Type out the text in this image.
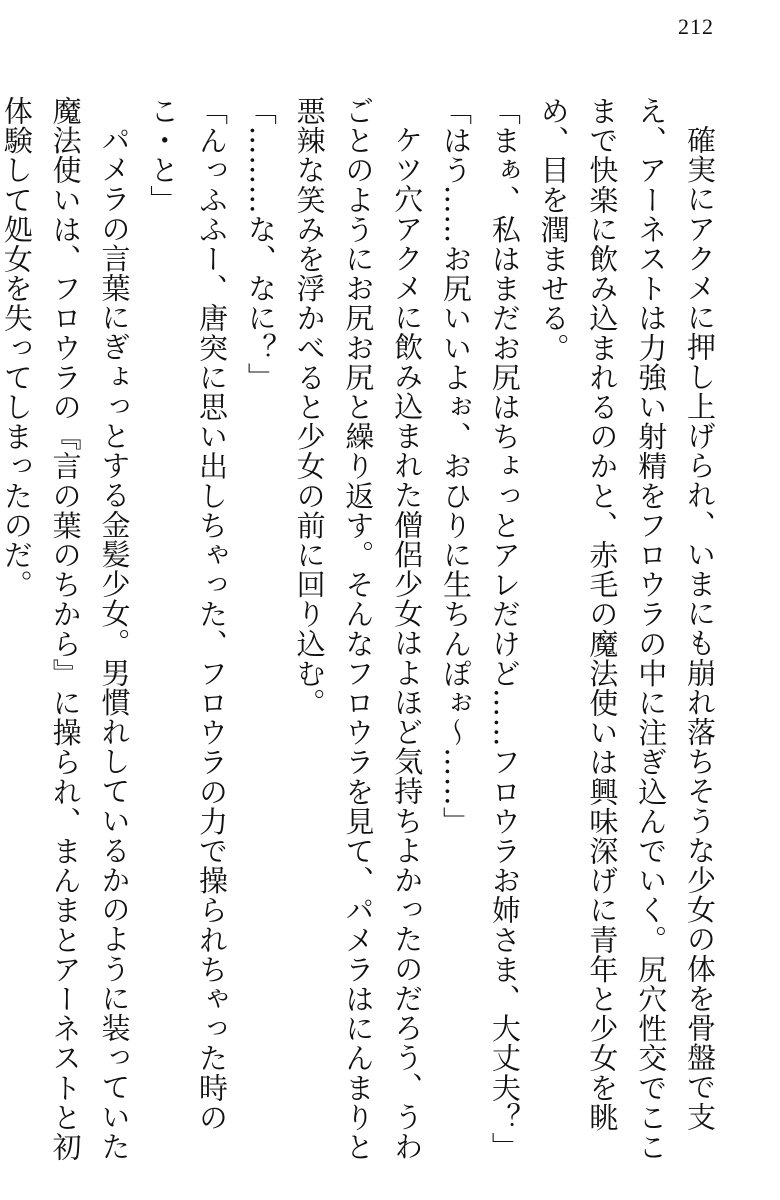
212

確実にアクメに押し上げられ、いまにも崩れ落ちそうな少女の体を骨盤で支え、アーネストは力強い射精をフロウラの中に注ぎ込んでいく。尻穴性交でここまで快楽に飲み込まれるのかと、赤毛の魔法使いは興味深げに青年と少女を眺め、目を潤ませる。

「まぁ、私はまだお尻はちょっとアレだけど……フロウラお姉さま、大丈夫？」

「はう……お尻いいよぉ、おひりに生ちんぽぉ〜……」

ケツ穴アクメに飲み込まれた僧侶少女はよほど気持ちよかったのだろう、うわごとのようにお尻お尻と繰り返す。そんなフロウラを見て、パメラはにんまりと悪辣な笑みを浮かべると少女の前に回り込む。

「………な、なに？」

「んっふふー、唐突に思い出しちゃった、フロウラの力で操られちゃった時のこ・と」

パメラの言葉にぎょっとする金髪少女。男慣れしているかのように装っていた魔法使いは、フロウラの『言の葉のちから』に操られ、まんまとアーネストと初体験して処女を失ってしまったのだ。
